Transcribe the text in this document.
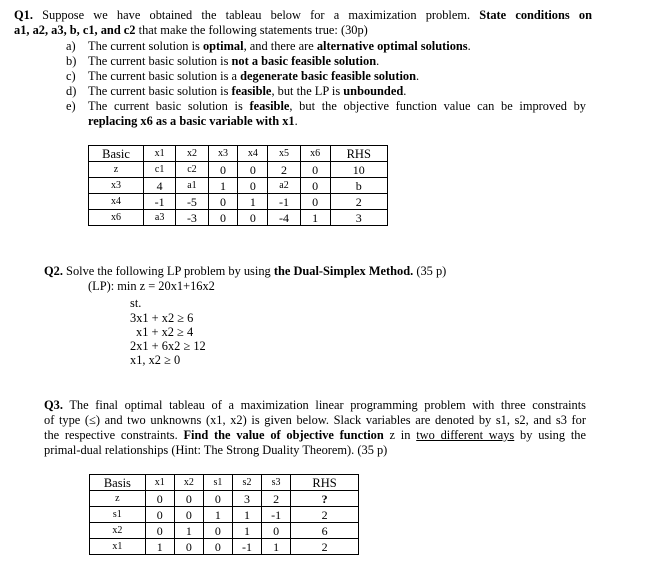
Q1. Suppose we have obtained the tableau below for a maximization problem. State conditions on
a1, a2, a3, b, c1, and c2 that make the following statements true: (30p)
a) The current solution is optimal, and there are alternative optimal solutions.
b) The current basic solution is not a basic feasible solution.
c) The current basic solution is a degenerate basic feasible solution.
d) The current basic solution is feasible, but the LP is unbounded.
e) The current basic solution is feasible, but the objective function value can be improved by
replacing x6 as a basic variable with x1.
Basic	x1	x2	x3	x4	x5	x6	RHS
z	c1	c2	0	0	2	0	10
x3	4	a1	1	0	a2	0	b
x4	-1	-5	0	1	-1	0	2
x6	a3	-3	0	0	-4	1	3
Q2. Solve the following LP problem by using the Dual-Simplex Method. (35 p)
(LP): min z = 20x1+16x2
st.
3x1 + x2 ≥ 6
x1 + x2 ≥ 4
2x1 + 6x2 ≥ 12
x1, x2 ≥ 0
Q3. The final optimal tableau of a maximization linear programming problem with three constraints
of type (≤) and two unknowns (x1, x2) is given below. Slack variables are denoted by s1, s2, and s3 for
the respective constraints. Find the value of objective function z in two different ways by using the
primal-dual relationships (Hint: The Strong Duality Theorem). (35 p)
Basis	x1	x2	s1	s2	s3	RHS
z	0	0	0	3	2	?
s1	0	0	1	1	-1	2
x2	0	1	0	1	0	6
x1	1	0	0	-1	1	2
